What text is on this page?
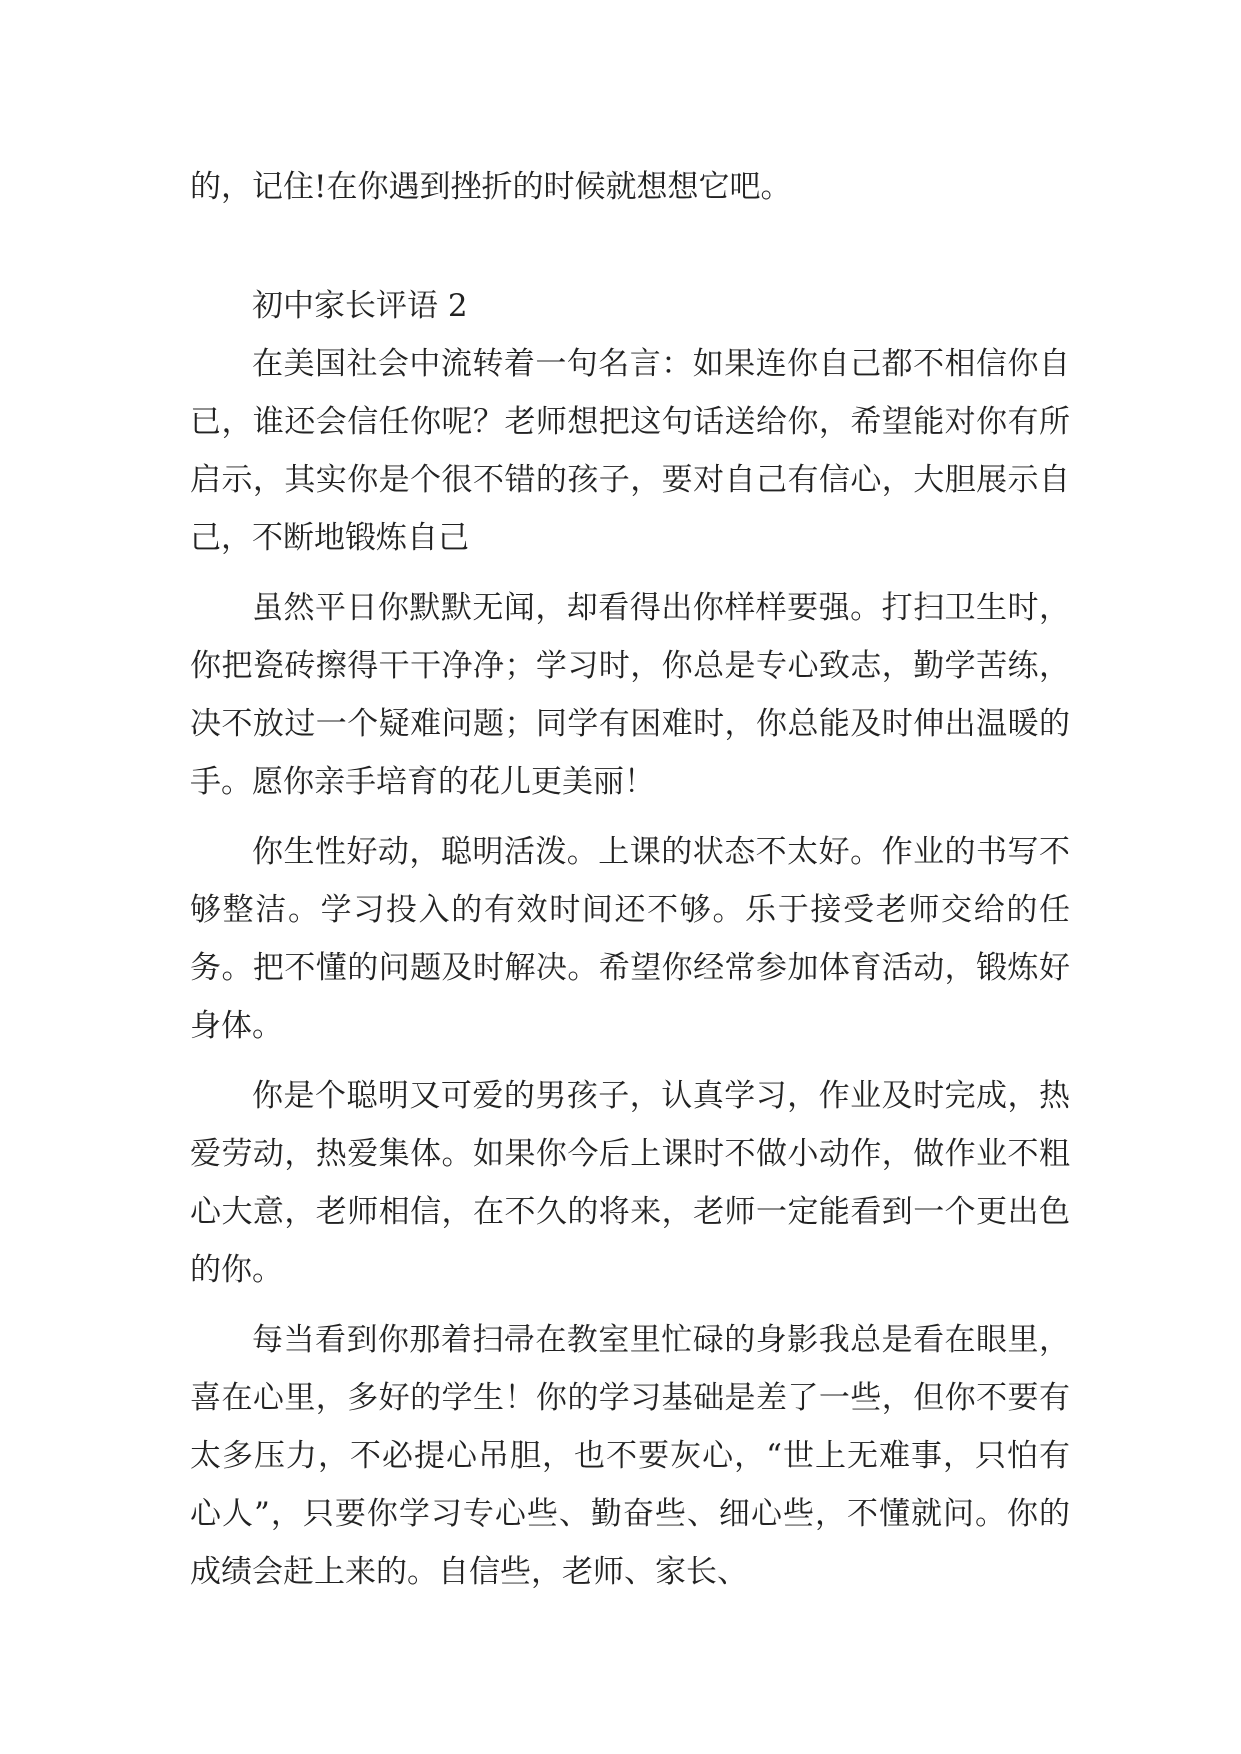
的，记住!在你遇到挫折的时候就想想它吧。
初中家长评语 2

在美国社会中流转着一句名言：如果连你自己都不相信你自已，谁还会信任你呢？老师想把这句话送给你，希望能对你有所启示，其实你是个很不错的孩子，要对自己有信心，大胆展示自己，不断地锻炼自己

虽然平日你默默无闻，却看得出你样样要强。打扫卫生时，你把瓷砖擦得干干净净；学习时，你总是专心致志，勤学苦练，决不放过一个疑难问题；同学有困难时，你总能及时伸出温暖的手。愿你亲手培育的花儿更美丽！

你生性好动，聪明活泼。上课的状态不太好。作业的书写不够整洁。学习投入的有效时间还不够。乐于接受老师交给的任务。把不懂的问题及时解决。希望你经常参加体育活动，锻炼好身体。

你是个聪明又可爱的男孩子，认真学习，作业及时完成，热爱劳动，热爱集体。如果你今后上课时不做小动作，做作业不粗心大意，老师相信，在不久的将来，老师一定能看到一个更出色的你。

每当看到你那着扫帚在教室里忙碌的身影我总是看在眼里，喜在心里，多好的学生！你的学习基础是差了一些，但你不要有太多压力，不必提心吊胆，也不要灰心，“世上无难事，只怕有心人”，只要你学习专心些、勤奋些、细心些，不懂就问。你的成绩会赶上来的。自信些，老师、家长、
